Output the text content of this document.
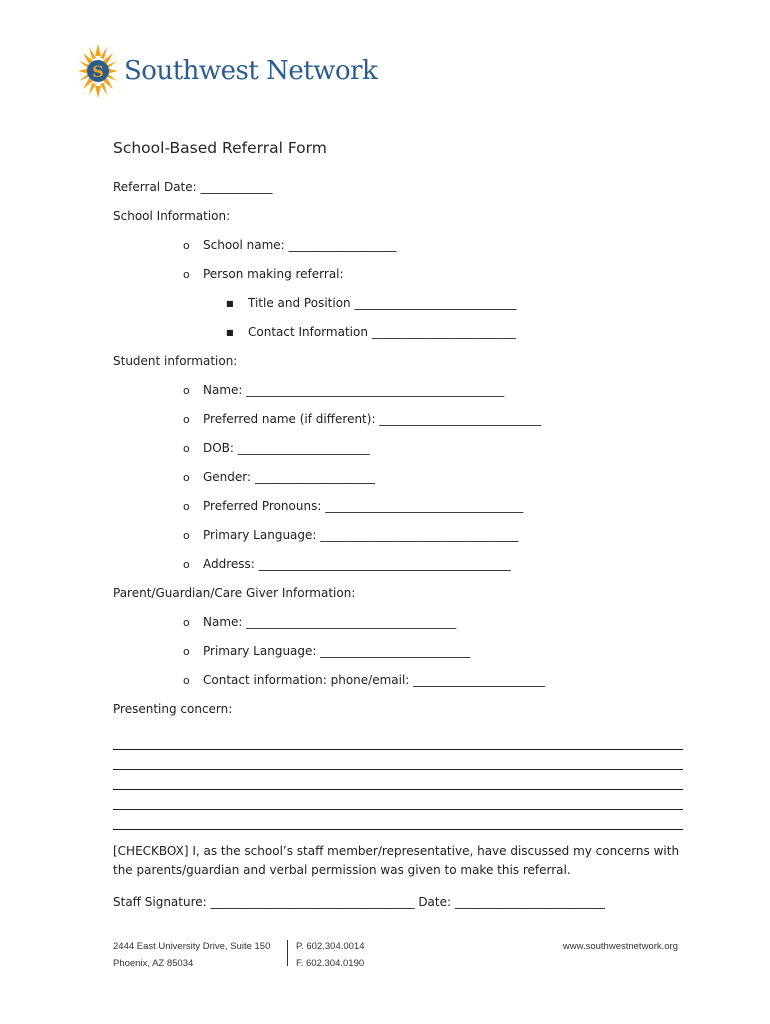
S Southwest Network
School-Based Referral Form
Referral Date: ____________
School Information:
o School name: __________________
o Person making referral:
■ Title and Position ___________________________
■ Contact Information ________________________
Student information:
o Name: ___________________________________________
o Preferred name (if different): ___________________________
o DOB: ______________________
o Gender: ____________________
o Preferred Pronouns: _________________________________
o Primary Language: _________________________________
o Address: __________________________________________
Parent/Guardian/Care Giver Information:
o Name: ___________________________________
o Primary Language: _________________________
o Contact information: phone/email: ______________________
Presenting concern:
[CHECKBOX] I, as the school’s staff member/representative, have discussed my concerns with the parents/guardian and verbal permission was given to make this referral.
Staff Signature: __________________________________ Date: _________________________
2444 East University Drive, Suite 150
Phoenix, AZ 85034
P. 602.304.0014
F. 602.304.0190
www.southwestnetwork.org
